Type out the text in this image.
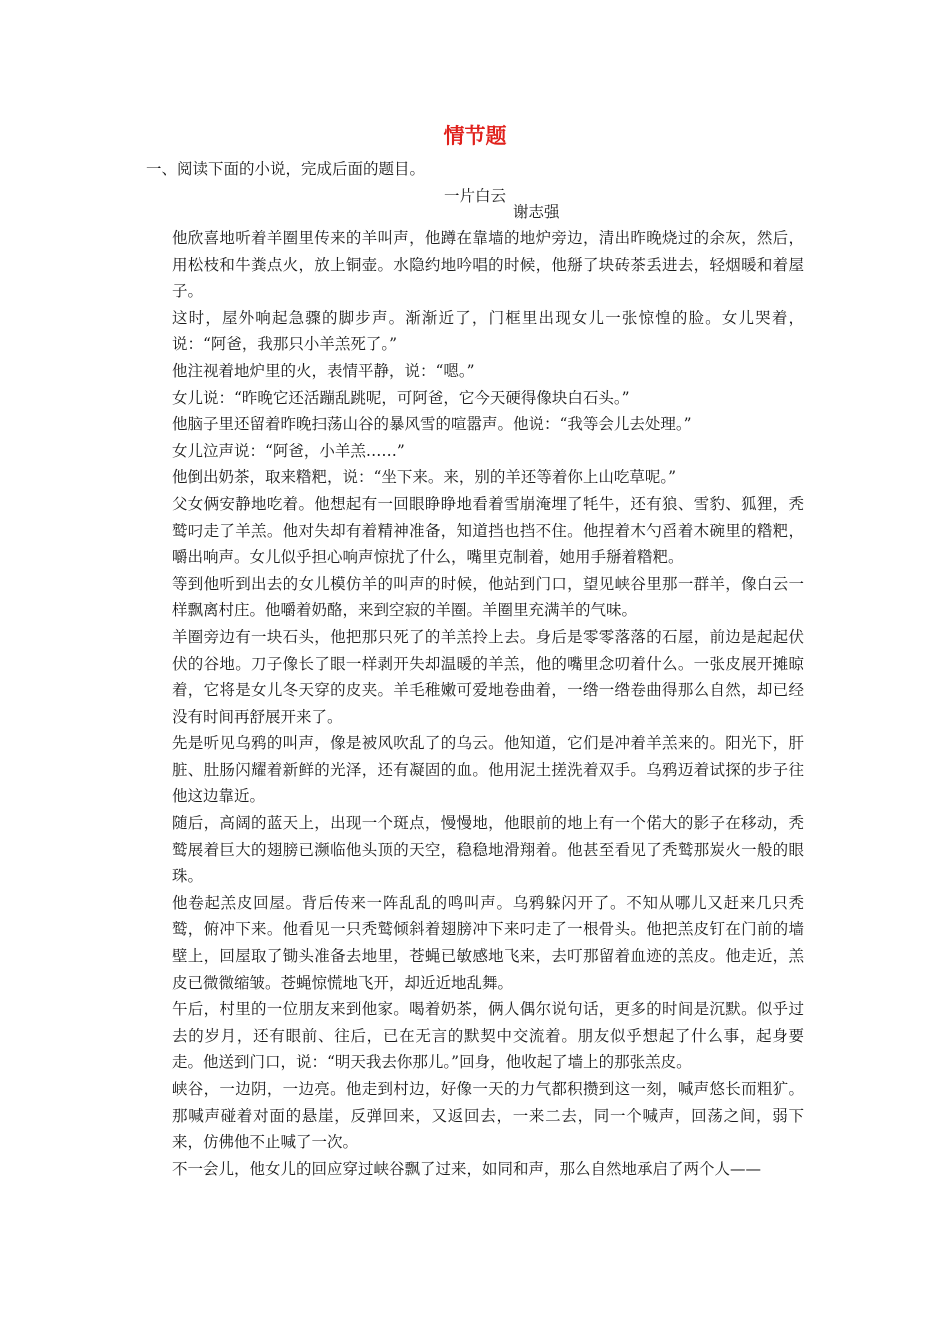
情节题
一、阅读下面的小说，完成后面的题目。
一片白云
谢志强

他欣喜地听着羊圈里传来的羊叫声，他蹲在靠墙的地炉旁边，清出昨晚烧过的余灰，然后，用松枝和牛粪点火，放上铜壶。水隐约地吟唱的时候，他掰了块砖茶丢进去，轻烟暖和着屋子。

这时，屋外响起急骤的脚步声。渐渐近了，门框里出现女儿一张惊惶的脸。女儿哭着，说：“阿爸，我那只小羊羔死了。”

他注视着地炉里的火，表情平静，说：“嗯。”

女儿说：“昨晚它还活蹦乱跳呢，可阿爸，它今天硬得像块白石头。”

他脑子里还留着昨晚扫荡山谷的暴风雪的喧嚣声。他说：“我等会儿去处理。”

女儿泣声说：“阿爸，小羊羔……”

他倒出奶茶，取来糌粑，说：“坐下来。来，别的羊还等着你上山吃草呢。”

父女俩安静地吃着。他想起有一回眼睁睁地看着雪崩淹埋了牦牛，还有狼、雪豹、狐狸，秃鹫叼走了羊羔。他对失却有着精神准备，知道挡也挡不住。他捏着木勺舀着木碗里的糌粑，嚼出响声。女儿似乎担心响声惊扰了什么，嘴里克制着，她用手掰着糌粑。

等到他听到出去的女儿模仿羊的叫声的时候，他站到门口，望见峡谷里那一群羊，像白云一样飘离村庄。他嚼着奶酪，来到空寂的羊圈。羊圈里充满羊的气味。

羊圈旁边有一块石头，他把那只死了的羊羔拎上去。身后是零零落落的石屋，前边是起起伏伏的谷地。刀子像长了眼一样剥开失却温暖的羊羔，他的嘴里念叨着什么。一张皮展开摊晾着，它将是女儿冬天穿的皮夹。羊毛稚嫩可爱地卷曲着，一绺一绺卷曲得那么自然，却已经没有时间再舒展开来了。

先是听见乌鸦的叫声，像是被风吹乱了的乌云。他知道，它们是冲着羊羔来的。阳光下，肝脏、肚肠闪耀着新鲜的光泽，还有凝固的血。他用泥土搓洗着双手。乌鸦迈着试探的步子往他这边靠近。

随后，高阔的蓝天上，出现一个斑点，慢慢地，他眼前的地上有一个偌大的影子在移动，秃鹫展着巨大的翅膀已濒临他头顶的天空，稳稳地滑翔着。他甚至看见了秃鹫那炭火一般的眼珠。

他卷起羔皮回屋。背后传来一阵乱乱的鸣叫声。乌鸦躲闪开了。不知从哪儿又赶来几只秃鹫，俯冲下来。他看见一只秃鹫倾斜着翅膀冲下来叼走了一根骨头。他把羔皮钉在门前的墙壁上，回屋取了锄头准备去地里，苍蝇已敏感地飞来，去叮那留着血迹的羔皮。他走近，羔皮已微微缩皱。苍蝇惊慌地飞开，却近近地乱舞。

午后，村里的一位朋友来到他家。喝着奶茶，俩人偶尔说句话，更多的时间是沉默。似乎过去的岁月，还有眼前、往后，已在无言的默契中交流着。朋友似乎想起了什么事，起身要走。他送到门口，说：“明天我去你那儿。”回身，他收起了墙上的那张羔皮。

峡谷，一边阴，一边亮。他走到村边，好像一天的力气都积攒到这一刻，喊声悠长而粗犷。那喊声碰着对面的悬崖，反弹回来，又返回去，一来二去，同一个喊声，回荡之间，弱下来，仿佛他不止喊了一次。

不一会儿，他女儿的回应穿过峡谷飘了过来，如同和声，那么自然地承启了两个人——
